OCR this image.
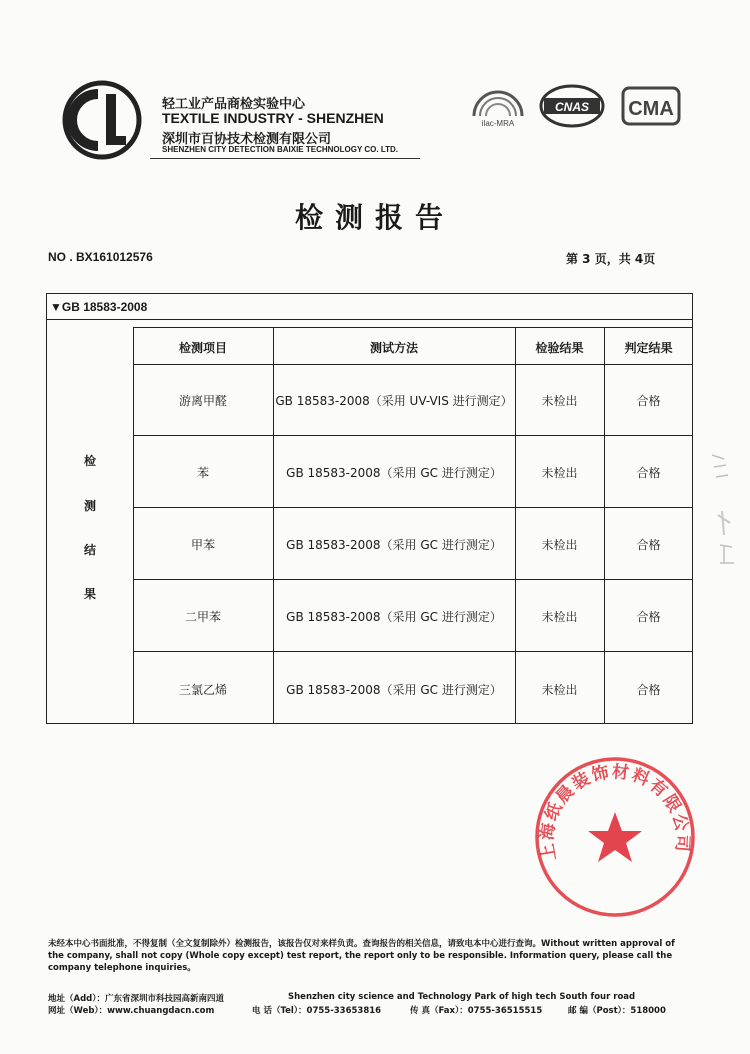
轻工业产品商检实验中心
TEXTILE INDUSTRY - SHENZHEN
深圳市百协技术检测有限公司
SHENZHEN CITY DETECTION BAIXIE TECHNOLOGY CO. LTD.
ilac-MRA
CNAS CMA
检测报告
NO . BX161012576	第 3 页，共 4页
▼GB 18583-2008
检
测
结
果
检测项目	测试方法	检验结果	判定结果
游离甲醛	GB 18583-2008（采用 UV-VIS 进行测定）	未检出	合格
苯	GB 18583-2008（采用 GC 进行测定）	未检出	合格
甲苯	GB 18583-2008（采用 GC 进行测定）	未检出	合格
二甲苯	GB 18583-2008（采用 GC 进行测定）	未检出	合格
三氯乙烯	GB 18583-2008（采用 GC 进行测定）	未检出	合格
上海纸晨装饰材料有限公司
未经本中心书面批准，不得复制（全文复制除外）检测报告，该报告仅对来样负责。查询报告的相关信息，请致电本中心进行查询。Without written approval of the company, shall not copy (Whole copy except) test report, the report only to be responsible. Information query, please call the company telephone inquiries。
地址（Add）：广东省深圳市科技园高新南四道	Shenzhen city science and Technology Park of high tech South four road
网址（Web）：www.chuangdacn.com	电 话（Tel）：0755-33653816	传 真（Fax）：0755-36515515	邮 编（Post）：518000
